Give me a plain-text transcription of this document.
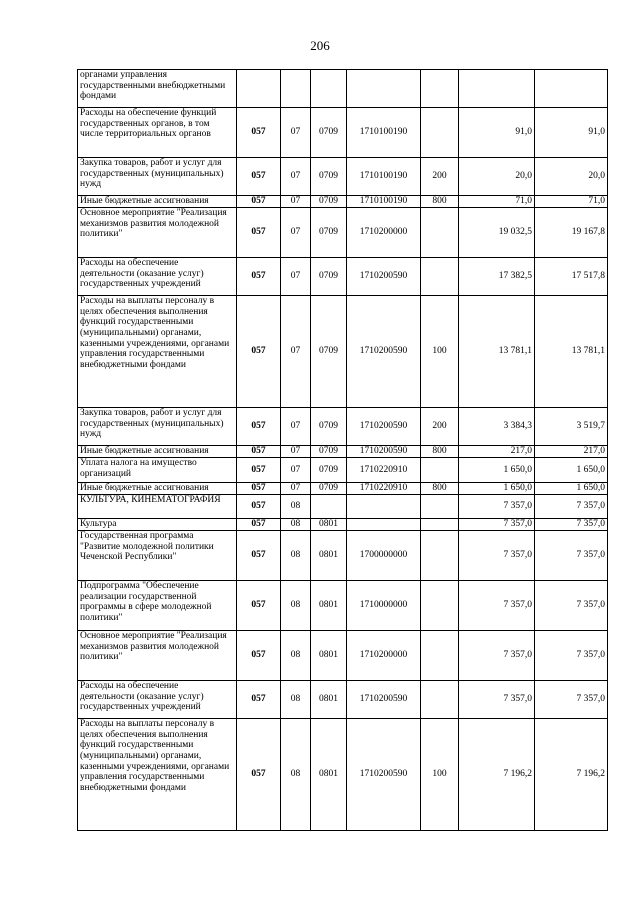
206
органами управления государственными внебюджетными фондами							
Расходы на обеспечение функций государственных органов, в том числе территориальных органов	057	07	0709	1710100190		91,0	91,0
Закупка товаров, работ и услуг для государственных (муниципальных) нужд	057	07	0709	1710100190	200	20,0	20,0
Иные бюджетные ассигнования	057	07	0709	1710100190	800	71,0	71,0
Основное мероприятие "Реализация механизмов развития молодежной политики"	057	07	0709	1710200000		19 032,5	19 167,8
Расходы на обеспечение деятельности (оказание услуг) государственных учреждений	057	07	0709	1710200590		17 382,5	17 517,8
Расходы на выплаты персоналу в целях обеспечения выполнения функций государственными (муниципальными) органами, казенными учреждениями, органами управления государственными внебюджетными фондами	057	07	0709	1710200590	100	13 781,1	13 781,1
Закупка товаров, работ и услуг для государственных (муниципальных) нужд	057	07	0709	1710200590	200	3 384,3	3 519,7
Иные бюджетные ассигнования	057	07	0709	1710200590	800	217,0	217,0
Уплата налога на имущество организаций	057	07	0709	1710220910		1 650,0	1 650,0
Иные бюджетные ассигнования	057	07	0709	1710220910	800	1 650,0	1 650,0
КУЛЬТУРА, КИНЕМАТОГРАФИЯ	057	08				7 357,0	7 357,0
Культура	057	08	0801			7 357,0	7 357,0
Государственная программа "Развитие молодежной политики Чеченской Республики"	057	08	0801	1700000000		7 357,0	7 357,0
Подпрограмма "Обеспечение реализации государственной программы в сфере молодежной политики"	057	08	0801	1710000000		7 357,0	7 357,0
Основное мероприятие "Реализация механизмов развития молодежной политики"	057	08	0801	1710200000		7 357,0	7 357,0
Расходы на обеспечение деятельности (оказание услуг) государственных учреждений	057	08	0801	1710200590		7 357,0	7 357,0
Расходы на выплаты персоналу в целях обеспечения выполнения функций государственными (муниципальными) органами, казенными учреждениями, органами управления государственными внебюджетными фондами	057	08	0801	1710200590	100	7 196,2	7 196,2
